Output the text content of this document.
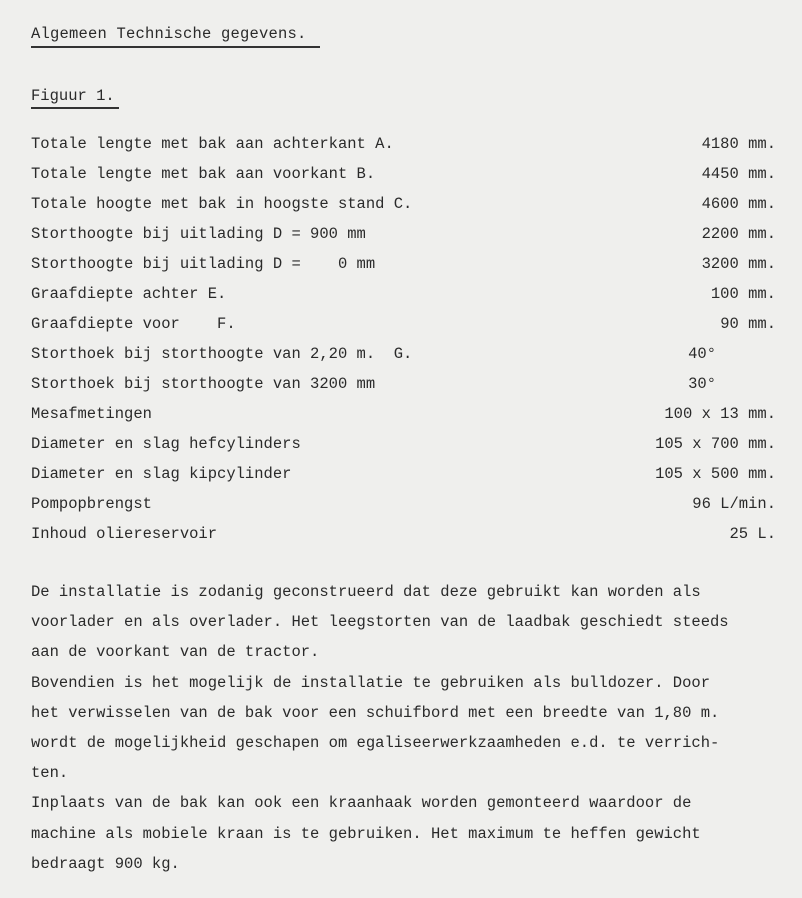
Algemeen Technische gegevens.
Figuur 1.
Totale lengte met bak aan achterkant A.	4180 mm.
Totale lengte met bak aan voorkant B.	4450 mm.
Totale hoogte met bak in hoogste stand C.	4600 mm.
Storthoogte bij uitlading D = 900 mm	2200 mm.
Storthoogte bij uitlading D =    0 mm	3200 mm.
Graafdiepte achter E.	100 mm.
Graafdiepte voor    F.	90 mm.
Storthoek bij storthoogte van 2,20 m.  G.	40°
Storthoek bij storthoogte van 3200 mm	30°
Mesafmetingen	100 x 13 mm.
Diameter en slag hefcylinders	105 x 700 mm.
Diameter en slag kipcylinder	105 x 500 mm.
Pompopbrengst	96 L/min.
Inhoud oliereservoir	25 L.
De installatie is zodanig geconstrueerd dat deze gebruikt kan worden als
voorlader en als overlader. Het leegstorten van de laadbak geschiedt steeds
aan de voorkant van de tractor.
Bovendien is het mogelijk de installatie te gebruiken als bulldozer. Door
het verwisselen van de bak voor een schuifbord met een breedte van 1,80 m.
wordt de mogelijkheid geschapen om egaliseerwerkzaamheden e.d. te verrich-
ten.
Inplaats van de bak kan ook een kraanhaak worden gemonteerd waardoor de
machine als mobiele kraan is te gebruiken. Het maximum te heffen gewicht
bedraagt 900 kg.
